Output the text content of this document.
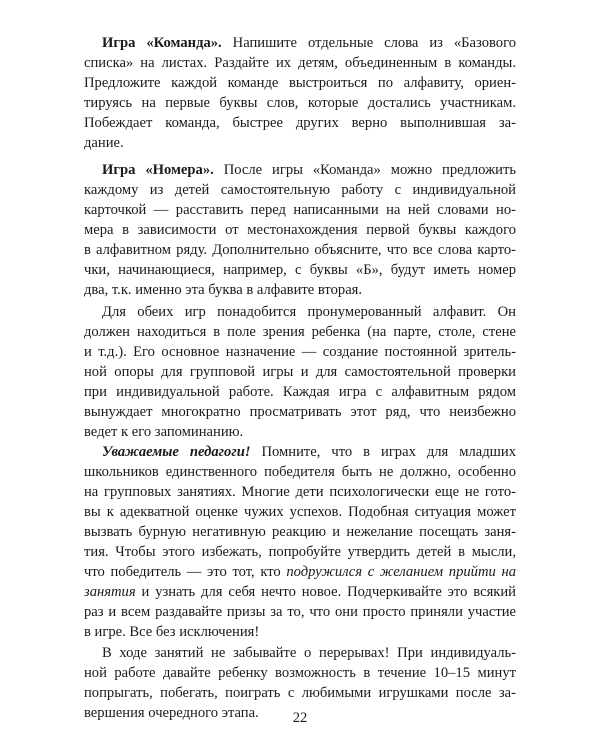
Игра «Команда». Напишите отдельные слова из «Базового
списка» на листах. Раздайте их детям, объединенным в команды.
Предложите каждой команде выстроиться по алфавиту, ориен-
тируясь на первые буквы слов, которые достались участникам.
Побеждает команда, быстрее других верно выполнившая за-
дание.
Игра «Номера». После игры «Команда» можно предложить
каждому из детей самостоятельную работу с индивидуальной
карточкой — расставить перед написанными на ней словами но-
мера в зависимости от местонахождения первой буквы каждого
в алфавитном ряду. Дополнительно объясните, что все слова карто-
чки, начинающиеся, например, с буквы «Б», будут иметь номер
два, т.к. именно эта буква в алфавите вторая.
Для обеих игр понадобится пронумерованный алфавит. Он
должен находиться в поле зрения ребенка (на парте, столе, стене
и т.д.). Его основное назначение — создание постоянной зритель-
ной опоры для групповой игры и для самостоятельной проверки
при индивидуальной работе. Каждая игра с алфавитным рядом
вынуждает многократно просматривать этот ряд, что неизбежно
ведет к его запоминанию.
Уважаемые педагоги! Помните, что в играх для младших
школьников единственного победителя быть не должно, особенно
на групповых занятиях. Многие дети психологически еще не гото-
вы к адекватной оценке чужих успехов. Подобная ситуация может
вызвать бурную негативную реакцию и нежелание посещать заня-
тия. Чтобы этого избежать, попробуйте утвердить детей в мысли,
что победитель — это тот, кто подружился с желанием прийти на
занятия и узнать для себя нечто новое. Подчеркивайте это всякий
раз и всем раздавайте призы за то, что они просто приняли участие
в игре. Все без исключения!
В ходе занятий не забывайте о перерывах! При индивидуаль-
ной работе давайте ребенку возможность в течение 10–15 минут
попрыгать, побегать, поиграть с любимыми игрушками после за-
вершения очередного этапа.	22
